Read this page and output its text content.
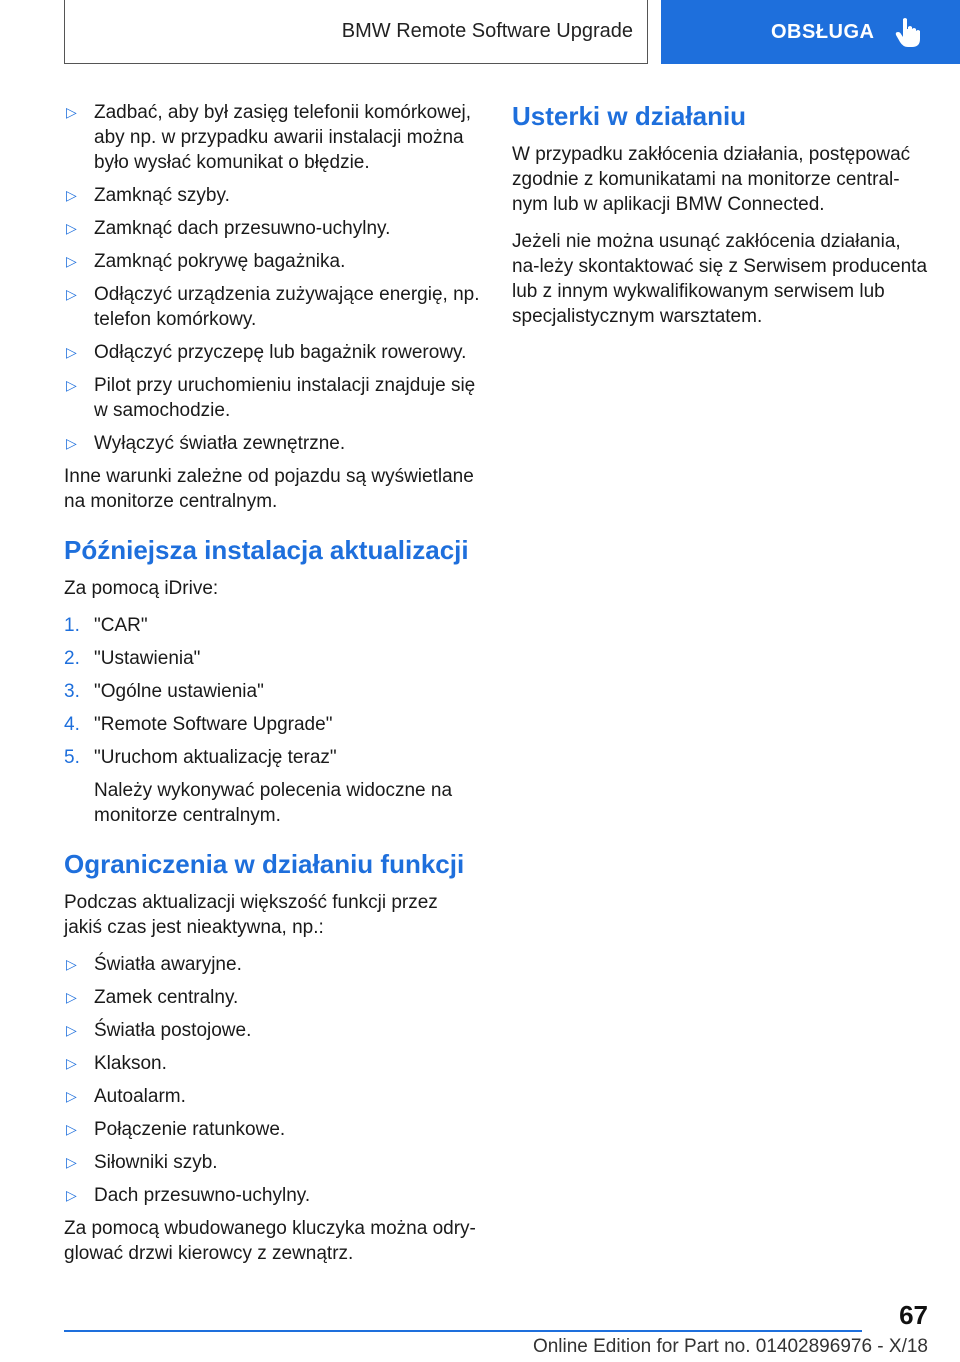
BMW Remote Software Upgrade	OBSŁUGA
▷ Zadbać, aby był zasięg telefonii komórkowej, aby np. w przypadku awarii instalacji można było wysłać komunikat o błędzie.
▷ Zamknąć szyby.
▷ Zamknąć dach przesuwno-uchylny.
▷ Zamknąć pokrywę bagażnika.
▷ Odłączyć urządzenia zużywające energię, np. telefon komórkowy.
▷ Odłączyć przyczepę lub bagażnik rowerowy.
▷ Pilot przy uruchomieniu instalacji znajduje się w samochodzie.
▷ Wyłączyć światła zewnętrzne.

Inne warunki zależne od pojazdu są wyświetlane na monitorze centralnym.

Późniejsza instalacja aktualizacji

Za pomocą iDrive:

1. "CAR"
2. "Ustawienia"
3. "Ogólne ustawienia"
4. "Remote Software Upgrade"
5. "Uruchom aktualizację teraz"

Należy wykonywać polecenia widoczne na monitorze centralnym.

Ograniczenia w działaniu funkcji

Podczas aktualizacji większość funkcji przez jakiś czas jest nieaktywna, np.:

▷ Światła awaryjne.
▷ Zamek centralny.
▷ Światła postojowe.
▷ Klakson.
▷ Autoalarm.
▷ Połączenie ratunkowe.
▷ Siłowniki szyb.
▷ Dach przesuwno-uchylny.

Za pomocą wbudowanego kluczyka można odry-glować drzwi kierowcy z zewnątrz.

Usterki w działaniu

W przypadku zakłócenia działania, postępować zgodnie z komunikatami na monitorze central-nym lub w aplikacji BMW Connected.

Jeżeli nie można usunąć zakłócenia działania, na-leży skontaktować się z Serwisem producenta lub z innym wykwalifikowanym serwisem lub specjalistycznym warsztatem.

67
Online Edition for Part no. 01402896976 - X/18
